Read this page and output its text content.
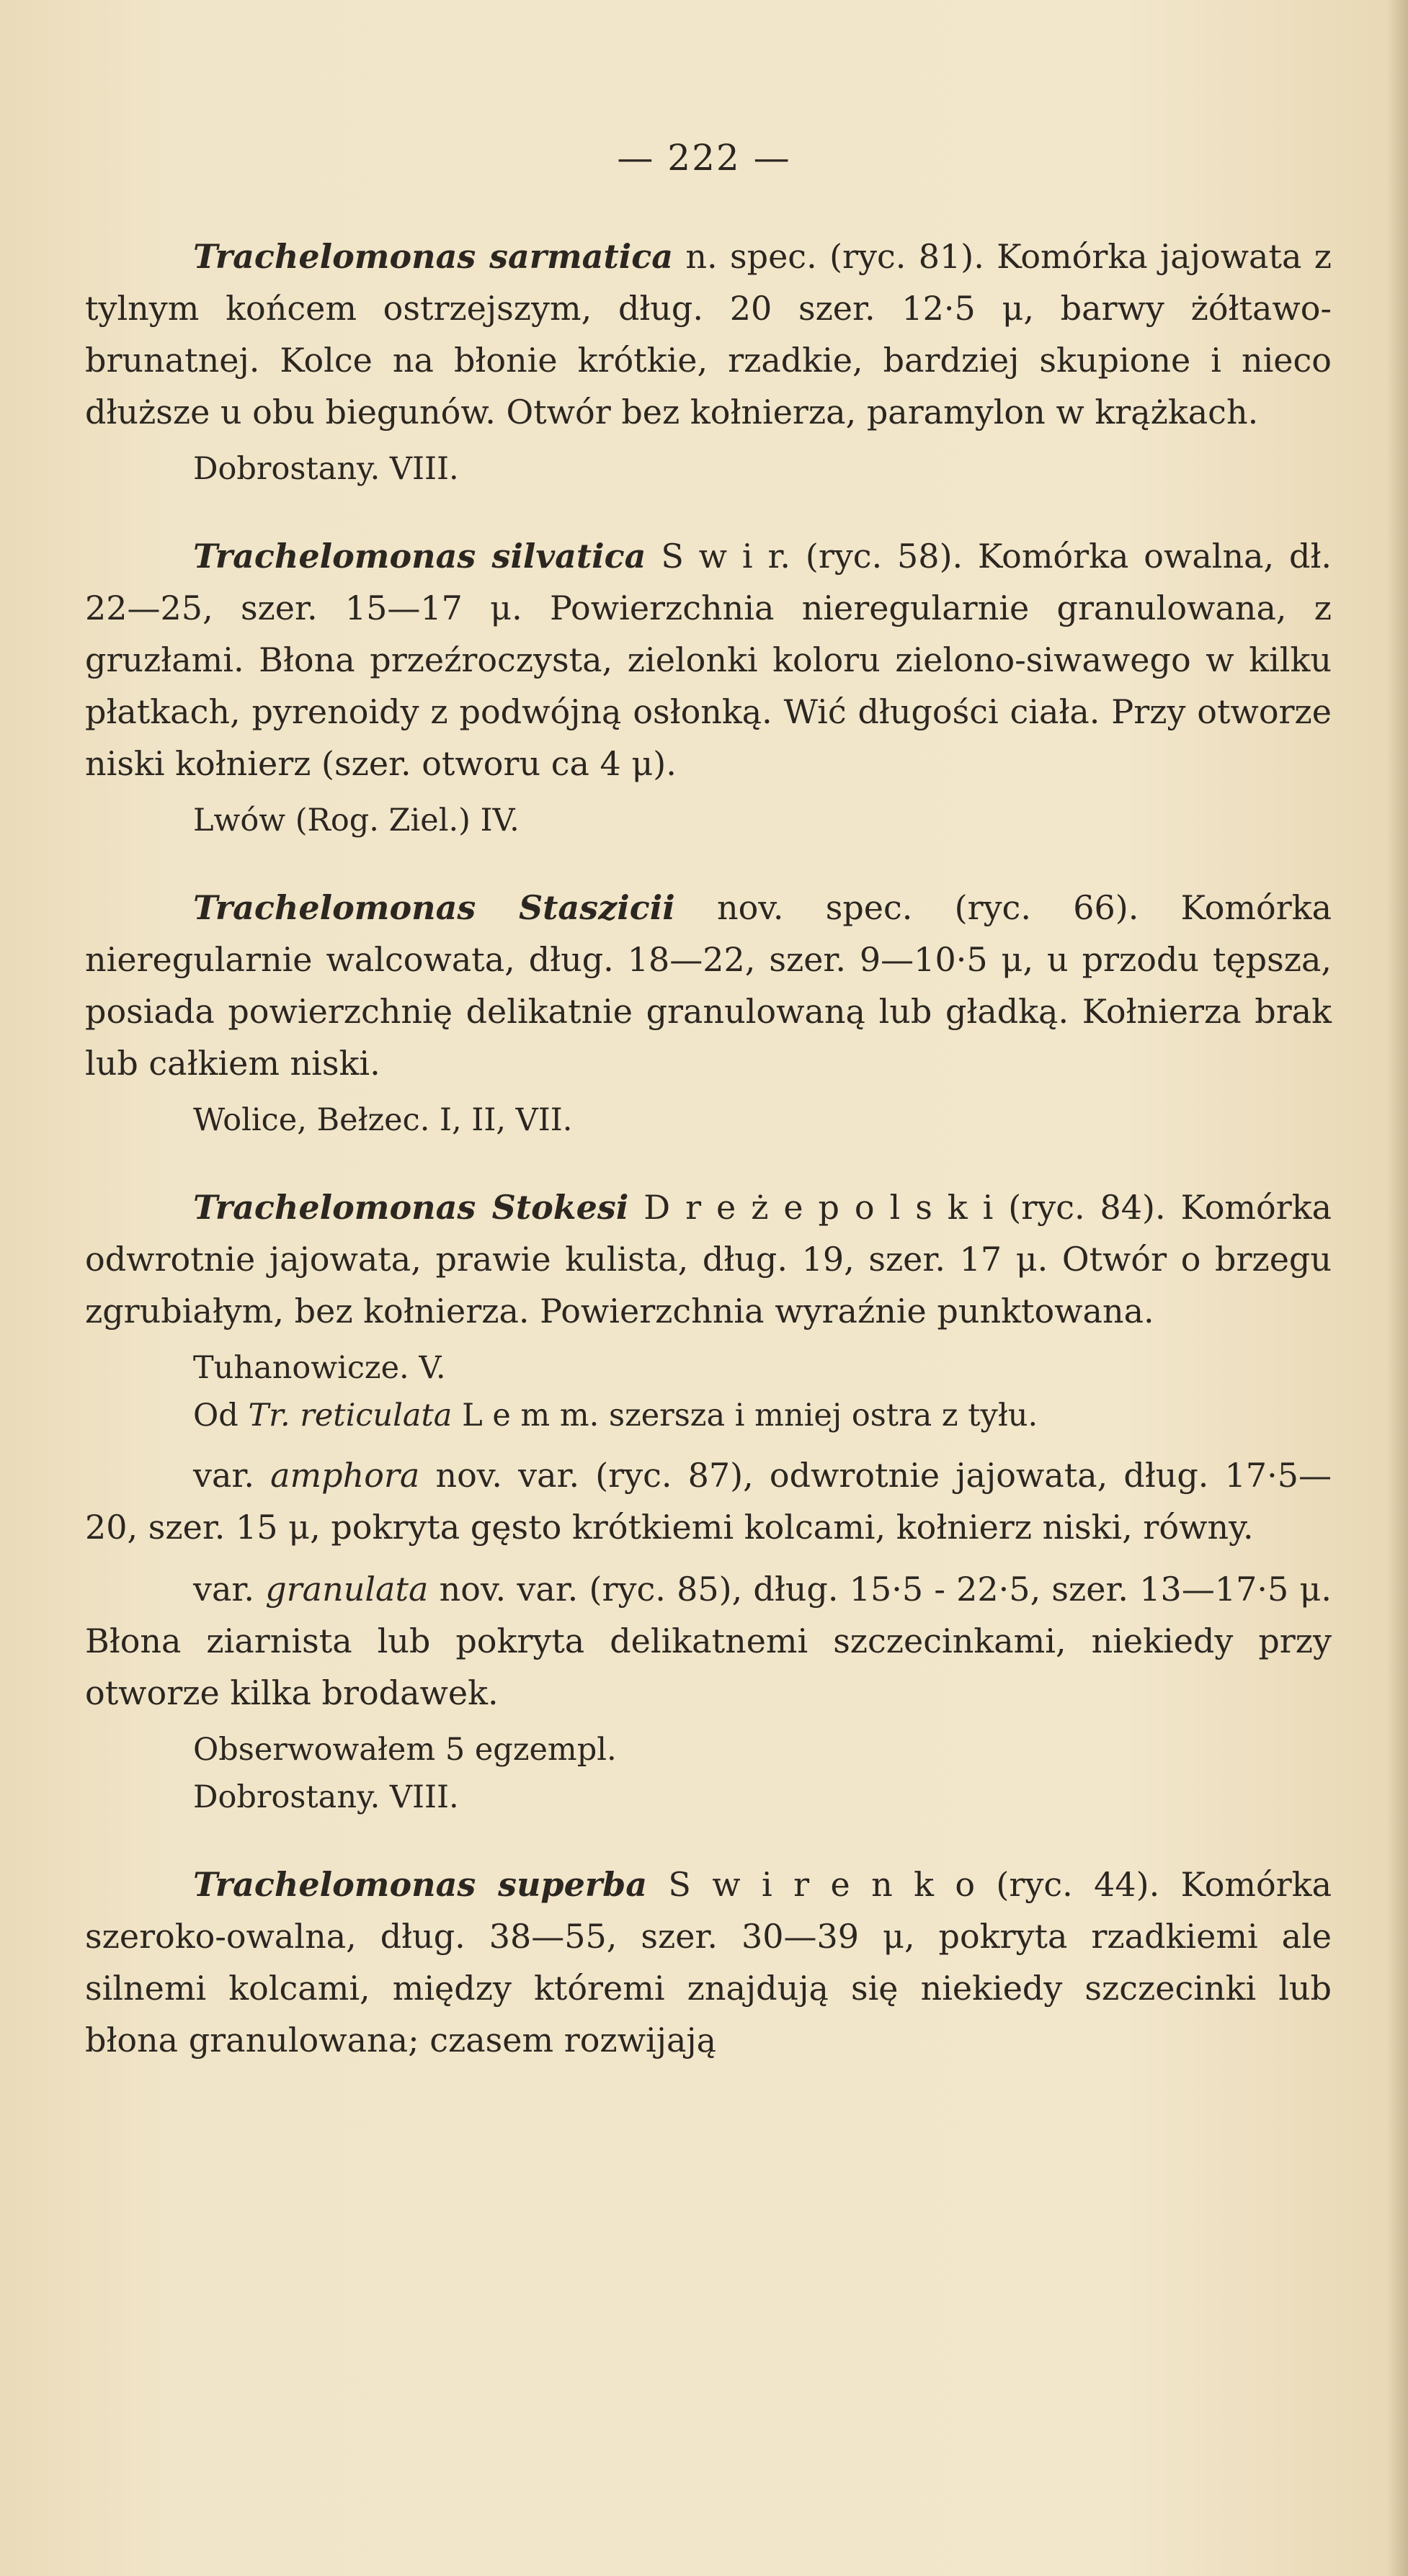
— 222 —

Trachelomonas sarmatica n. spec. (ryc. 81). Komórka jajowata z tylnym końcem ostrzejszym, dług. 20 szer. 12·5 μ, barwy żółtawo-brunatnej. Kolce na błonie krótkie, rzadkie, bardziej skupione i nieco dłuższe u obu biegunów. Otwór bez kołnierza, paramylon w krążkach.

Dobrostany. VIII.

Trachelomonas silvatica S w i r. (ryc. 58). Komórka owalna, dł. 22—25, szer. 15—17 μ. Powierzchnia nieregularnie granulowana, z gruzłami. Błona przeźroczysta, zielonki koloru zielono-siwawego w kilku płatkach, pyrenoidy z podwójną osłonką. Wić długości ciała. Przy otworze niski kołnierz (szer. otworu ca 4 μ).

Lwów (Rog. Ziel.) IV.

Trachelomonas Staszicii nov. spec. (ryc. 66). Komórka nieregularnie walcowata, dług. 18—22, szer. 9—10·5 μ, u przodu tępsza, posiada powierzchnię delikatnie granulowaną lub gładką. Kołnierza brak lub całkiem niski.

Wolice, Bełzec. I, II, VII.

Trachelomonas Stokesi D r e ż e p o l s k i (ryc. 84). Komórka odwrotnie jajowata, prawie kulista, dług. 19, szer. 17 μ. Otwór o brzegu zgrubiałym, bez kołnierza. Powierzchnia wyraźnie punktowana.

Tuhanowicze. V.
Od Tr. reticulata L e m m. szersza i mniej ostra z tyłu.

var. amphora nov. var. (ryc. 87), odwrotnie jajowata, dług. 17·5—20, szer. 15 μ, pokryta gęsto krótkiemi kolcami, kołnierz niski, równy.

var. granulata nov. var. (ryc. 85), dług. 15·5 - 22·5, szer. 13—17·5 μ. Błona ziarnista lub pokryta delikatnemi szczecinkami, niekiedy przy otworze kilka brodawek.

Obserwowałem 5 egzempl.
Dobrostany. VIII.

Trachelomonas superba S w i r e n k o (ryc. 44). Komórka szeroko-owalna, dług. 38—55, szer. 30—39 μ, pokryta rzadkiemi ale silnemi kolcami, między któremi znajdują się niekiedy szczecinki lub błona granulowana; czasem rozwijają
